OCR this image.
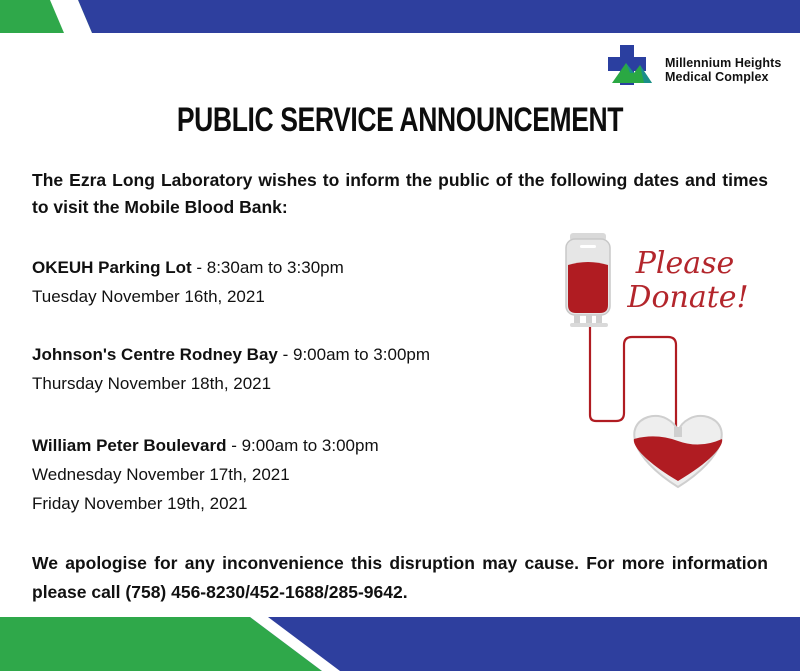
Millennium Heights
Medical Complex
PUBLIC SERVICE ANNOUNCEMENT
The Ezra Long Laboratory wishes to inform the public of the following dates and times to visit the Mobile Blood Bank:
OKEUH Parking Lot - 8:30am to 3:30pm
Tuesday November 16th, 2021
Johnson's Centre Rodney Bay - 9:00am to 3:00pm
Thursday November 18th, 2021
William Peter Boulevard - 9:00am to 3:00pm
Wednesday November 17th, 2021
Friday November 19th, 2021
Please
Donate!
We apologise for any inconvenience this disruption may cause. For more information please call (758) 456-8230/452-1688/285-9642.
